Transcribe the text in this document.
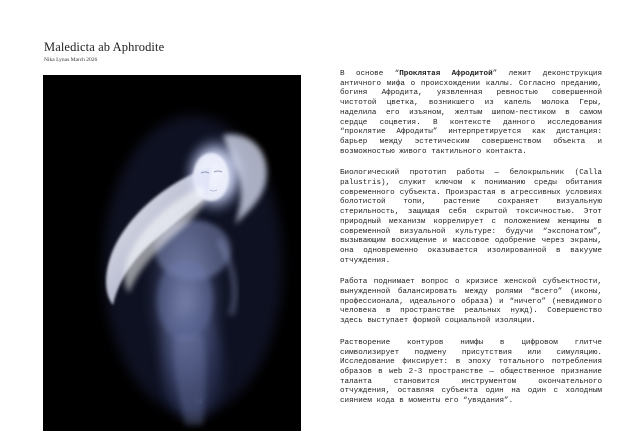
Maledicta ab Aphrodite
Nika Lynas March 2026
NL

В основе “Проклятая Афродитой” лежит деконструкция античного мифа о происхождении каллы. Согласно преданию, богиня Афродита, уязвленная ревностью совершенной чистотой цветка, возникшего из капель молока Геры, наделила его изъяном, желтым шипом-пестиком в самом сердце соцветия. В контексте данного исследования “проклятие Афродиты” интерпретируется как дистанция: барьер между эстетическим совершенством объекта и возможностью живого тактильного контакта.

Биологический прототип работы — белокрыльник (Calla palustris), служит ключом к пониманию среды обитания современного субъекта. Произрастая в агрессивных условиях болотистой топи, растение сохраняет визуальную стерильность, защищая себя скрытой токсичностью. Этот природный механизм коррелирует с положением женщины в современной визуальной культуре: будучи “экспонатом”, вызывающим восхищение и массовое одобрение через экраны, она одновременно оказывается изолированной в вакууме отчуждения.

Работа поднимает вопрос о кризисе женской субъектности, вынужденной балансировать между ролями “всего” (иконы, профессионала, идеального образа) и “ничего” (невидимого человека в пространстве реальных нужд). Совершенство здесь выступает формой социальной изоляции.

Растворение контуров нимфы в цифровом глитче символизирует подмену присутствия или симуляцию. Исследование фиксирует: в эпоху тотального потребления образов в web 2-3 пространстве — общественное признание таланта становится инструментом окончательного отчуждения, оставляя субъекта один на один с холодным сиянием кода в моменты его “увядания”.
